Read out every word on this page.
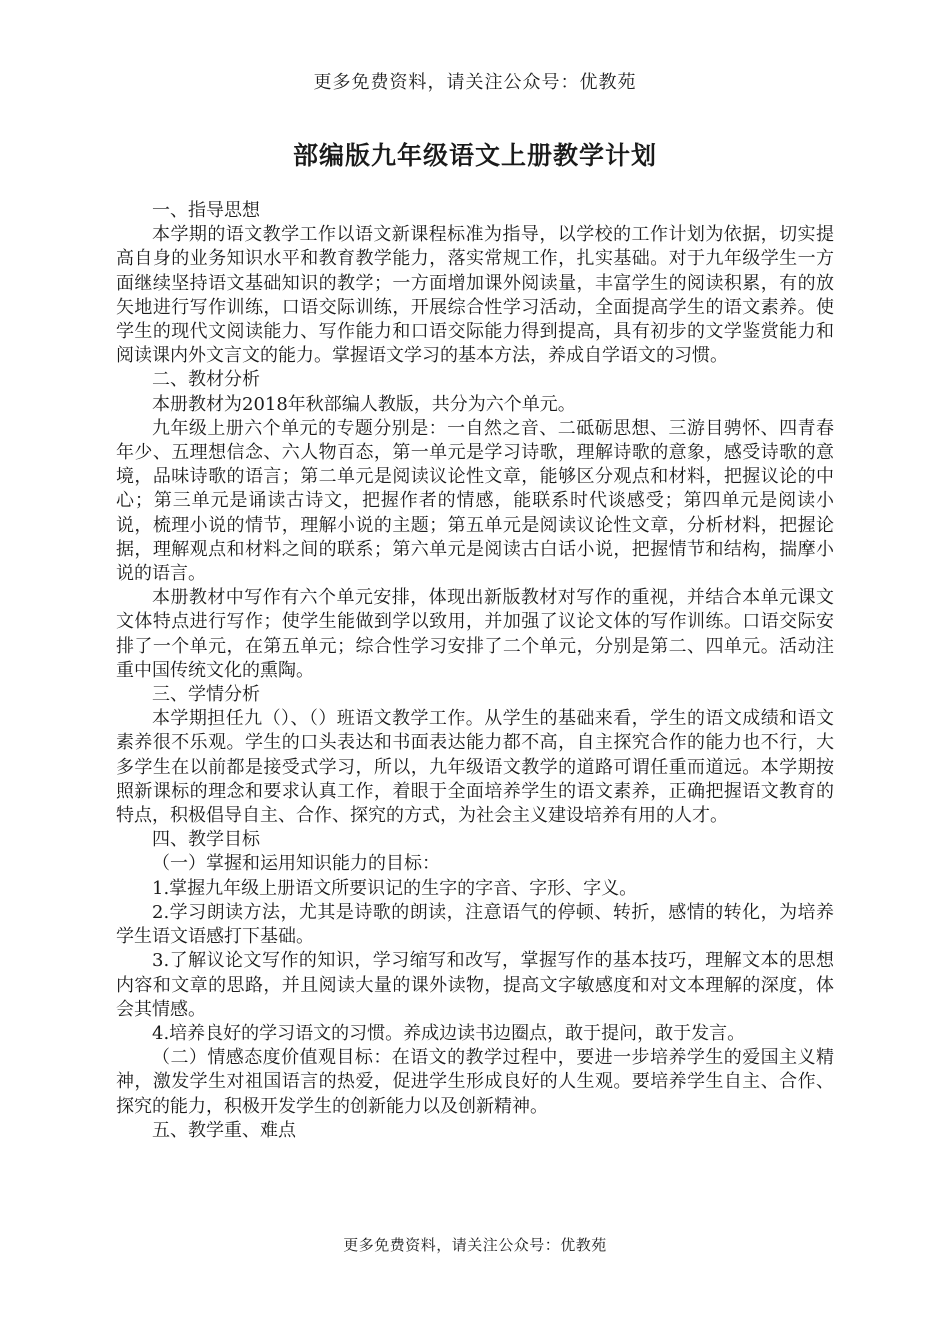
更多免费资料，请关注公众号：优教苑
部编版九年级语文上册教学计划

一、指导思想

本学期的语文教学工作以语文新课程标准为指导，以学校的工作计划为依据，切实提高自身的业务知识水平和教育教学能力，落实常规工作，扎实基础。对于九年级学生一方面继续坚持语文基础知识的教学；一方面增加课外阅读量，丰富学生的阅读积累，有的放矢地进行写作训练，口语交际训练，开展综合性学习活动，全面提高学生的语文素养。使学生的现代文阅读能力、写作能力和口语交际能力得到提高，具有初步的文学鉴赏能力和阅读课内外文言文的能力。掌握语文学习的基本方法，养成自学语文的习惯。

二、教材分析

本册教材为2018年秋部编人教版，共分为六个单元。

九年级上册六个单元的专题分别是：一自然之音、二砥砺思想、三游目骋怀、四青春年少、五理想信念、六人物百态，第一单元是学习诗歌，理解诗歌的意象，感受诗歌的意境，品味诗歌的语言；第二单元是阅读议论性文章，能够区分观点和材料，把握议论的中心；第三单元是诵读古诗文，把握作者的情感，能联系时代谈感受；第四单元是阅读小说，梳理小说的情节，理解小说的主题；第五单元是阅读议论性文章，分析材料，把握论据，理解观点和材料之间的联系；第六单元是阅读古白话小说，把握情节和结构，揣摩小说的语言。

本册教材中写作有六个单元安排，体现出新版教材对写作的重视，并结合本单元课文文体特点进行写作；使学生能做到学以致用，并加强了议论文体的写作训练。口语交际安排了一个单元，在第五单元；综合性学习安排了二个单元，分别是第二、四单元。活动注重中国传统文化的熏陶。

三、学情分析

本学期担任九（）、（）班语文教学工作。从学生的基础来看，学生的语文成绩和语文素养很不乐观。学生的口头表达和书面表达能力都不高，自主探究合作的能力也不行，大多学生在以前都是接受式学习，所以，九年级语文教学的道路可谓任重而道远。本学期按照新课标的理念和要求认真工作，着眼于全面培养学生的语文素养，正确把握语文教育的特点，积极倡导自主、合作、探究的方式，为社会主义建设培养有用的人才。

四、教学目标

（一）掌握和运用知识能力的目标：

1.掌握九年级上册语文所要识记的生字的字音、字形、字义。

2.学习朗读方法，尤其是诗歌的朗读，注意语气的停顿、转折，感情的转化，为培养学生语文语感打下基础。

3.了解议论文写作的知识，学习缩写和改写，掌握写作的基本技巧，理解文本的思想内容和文章的思路，并且阅读大量的课外读物，提高文字敏感度和对文本理解的深度，体会其情感。

4.培养良好的学习语文的习惯。养成边读书边圈点，敢于提问，敢于发言。

（二）情感态度价值观目标：在语文的教学过程中，要进一步培养学生的爱国主义精神，激发学生对祖国语言的热爱，促进学生形成良好的人生观。要培养学生自主、合作、探究的能力，积极开发学生的创新能力以及创新精神。

五、教学重、难点

更多免费资料，请关注公众号：优教苑
